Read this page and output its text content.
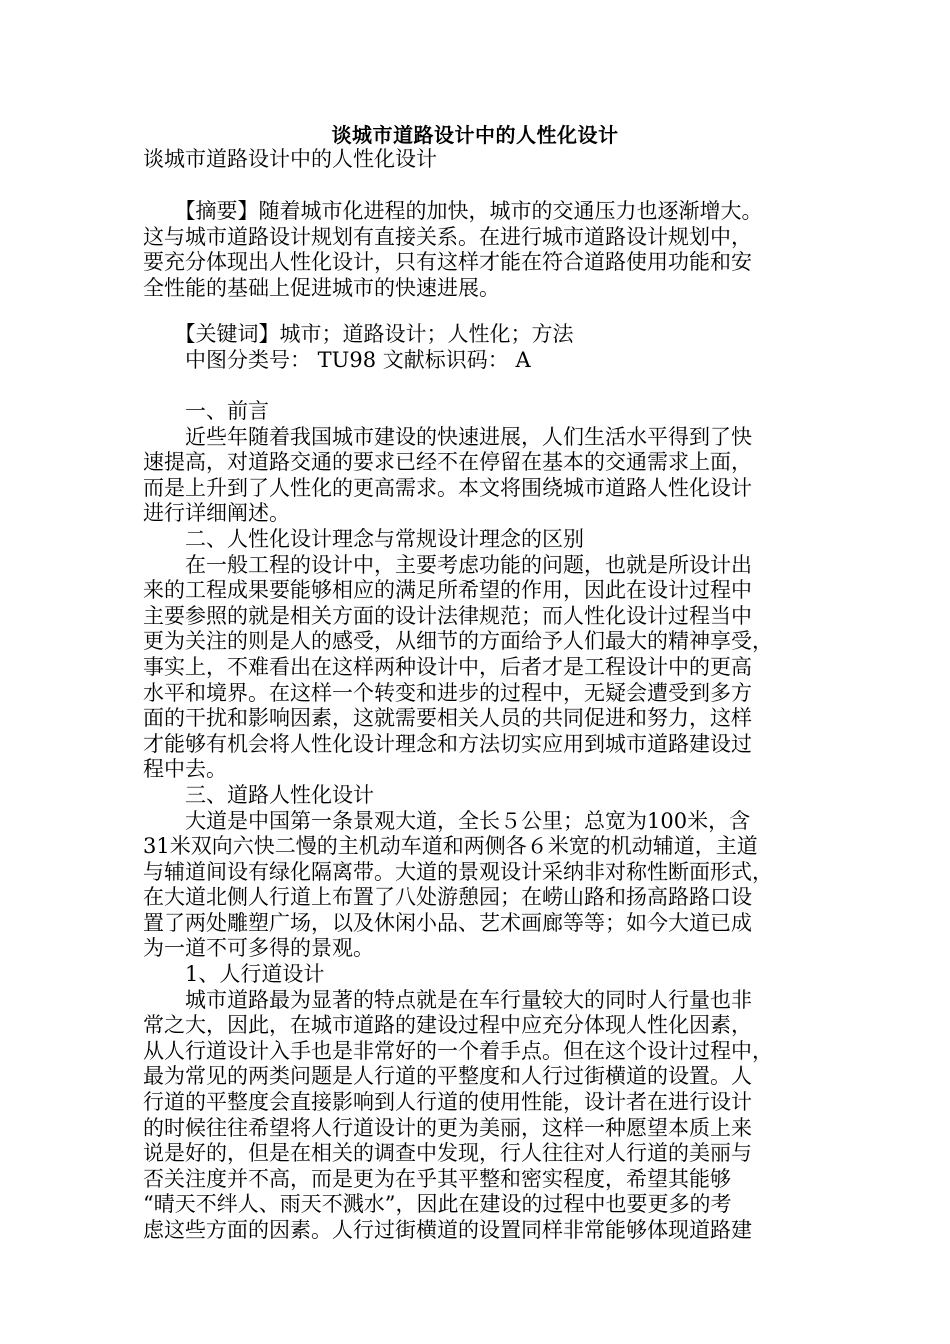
谈城市道路设计中的人性化设计
谈城市道路设计中的人性化设计
　　【摘要】随着城市化进程的加快，城市的交通压力也逐渐增大。
这与城市道路设计规划有直接关系。在进行城市道路设计规划中，
要充分体现出人性化设计，只有这样才能在符合道路使用功能和安
全性能的基础上促进城市的快速进展。
　　【关键词】城市；道路设计；人性化；方法
　　中图分类号： TU98 文献标识码： A
　　一、前言
　　近些年随着我国城市建设的快速进展，人们生活水平得到了快
速提高，对道路交通的要求已经不在停留在基本的交通需求上面，
而是上升到了人性化的更高需求。本文将围绕城市道路人性化设计
进行详细阐述。
　　二、人性化设计理念与常规设计理念的区别
　　在一般工程的设计中，主要考虑功能的问题，也就是所设计出
来的工程成果要能够相应的满足所希望的作用，因此在设计过程中
主要参照的就是相关方面的设计法律规范；而人性化设计过程当中
更为关注的则是人的感受，从细节的方面给予人们最大的精神享受，
事实上，不难看出在这样两种设计中，后者才是工程设计中的更高
水平和境界。在这样一个转变和进步的过程中，无疑会遭受到多方
面的干扰和影响因素，这就需要相关人员的共同促进和努力，这样
才能够有机会将人性化设计理念和方法切实应用到城市道路建设过
程中去。
　　三、道路人性化设计
　　大道是中国第一条景观大道，全长５公里；总宽为100米，含
31米双向六快二慢的主机动车道和两侧各６米宽的机动辅道，主道
与辅道间设有绿化隔离带。大道的景观设计采纳非对称性断面形式，
在大道北侧人行道上布置了八处游憩园；在崂山路和扬高路路口设
置了两处雕塑广场，以及休闲小品、艺术画廊等等；如今大道已成
为一道不可多得的景观。
　　1、人行道设计
　　城市道路最为显著的特点就是在车行量较大的同时人行量也非
常之大，因此，在城市道路的建设过程中应充分体现人性化因素，
从人行道设计入手也是非常好的一个着手点。但在这个设计过程中，
最为常见的两类问题是人行道的平整度和人行过街横道的设置。人
行道的平整度会直接影响到人行道的使用性能，设计者在进行设计
的时候往往希望将人行道设计的更为美丽，这样一种愿望本质上来
说是好的，但是在相关的调查中发现，行人往往对人行道的美丽与
否关注度并不高，而是更为在乎其平整和密实程度，希望其能够
“晴天不绊人、雨天不溅水”，因此在建设的过程中也要更多的考
虑这些方面的因素。人行过街横道的设置同样非常能够体现道路建
